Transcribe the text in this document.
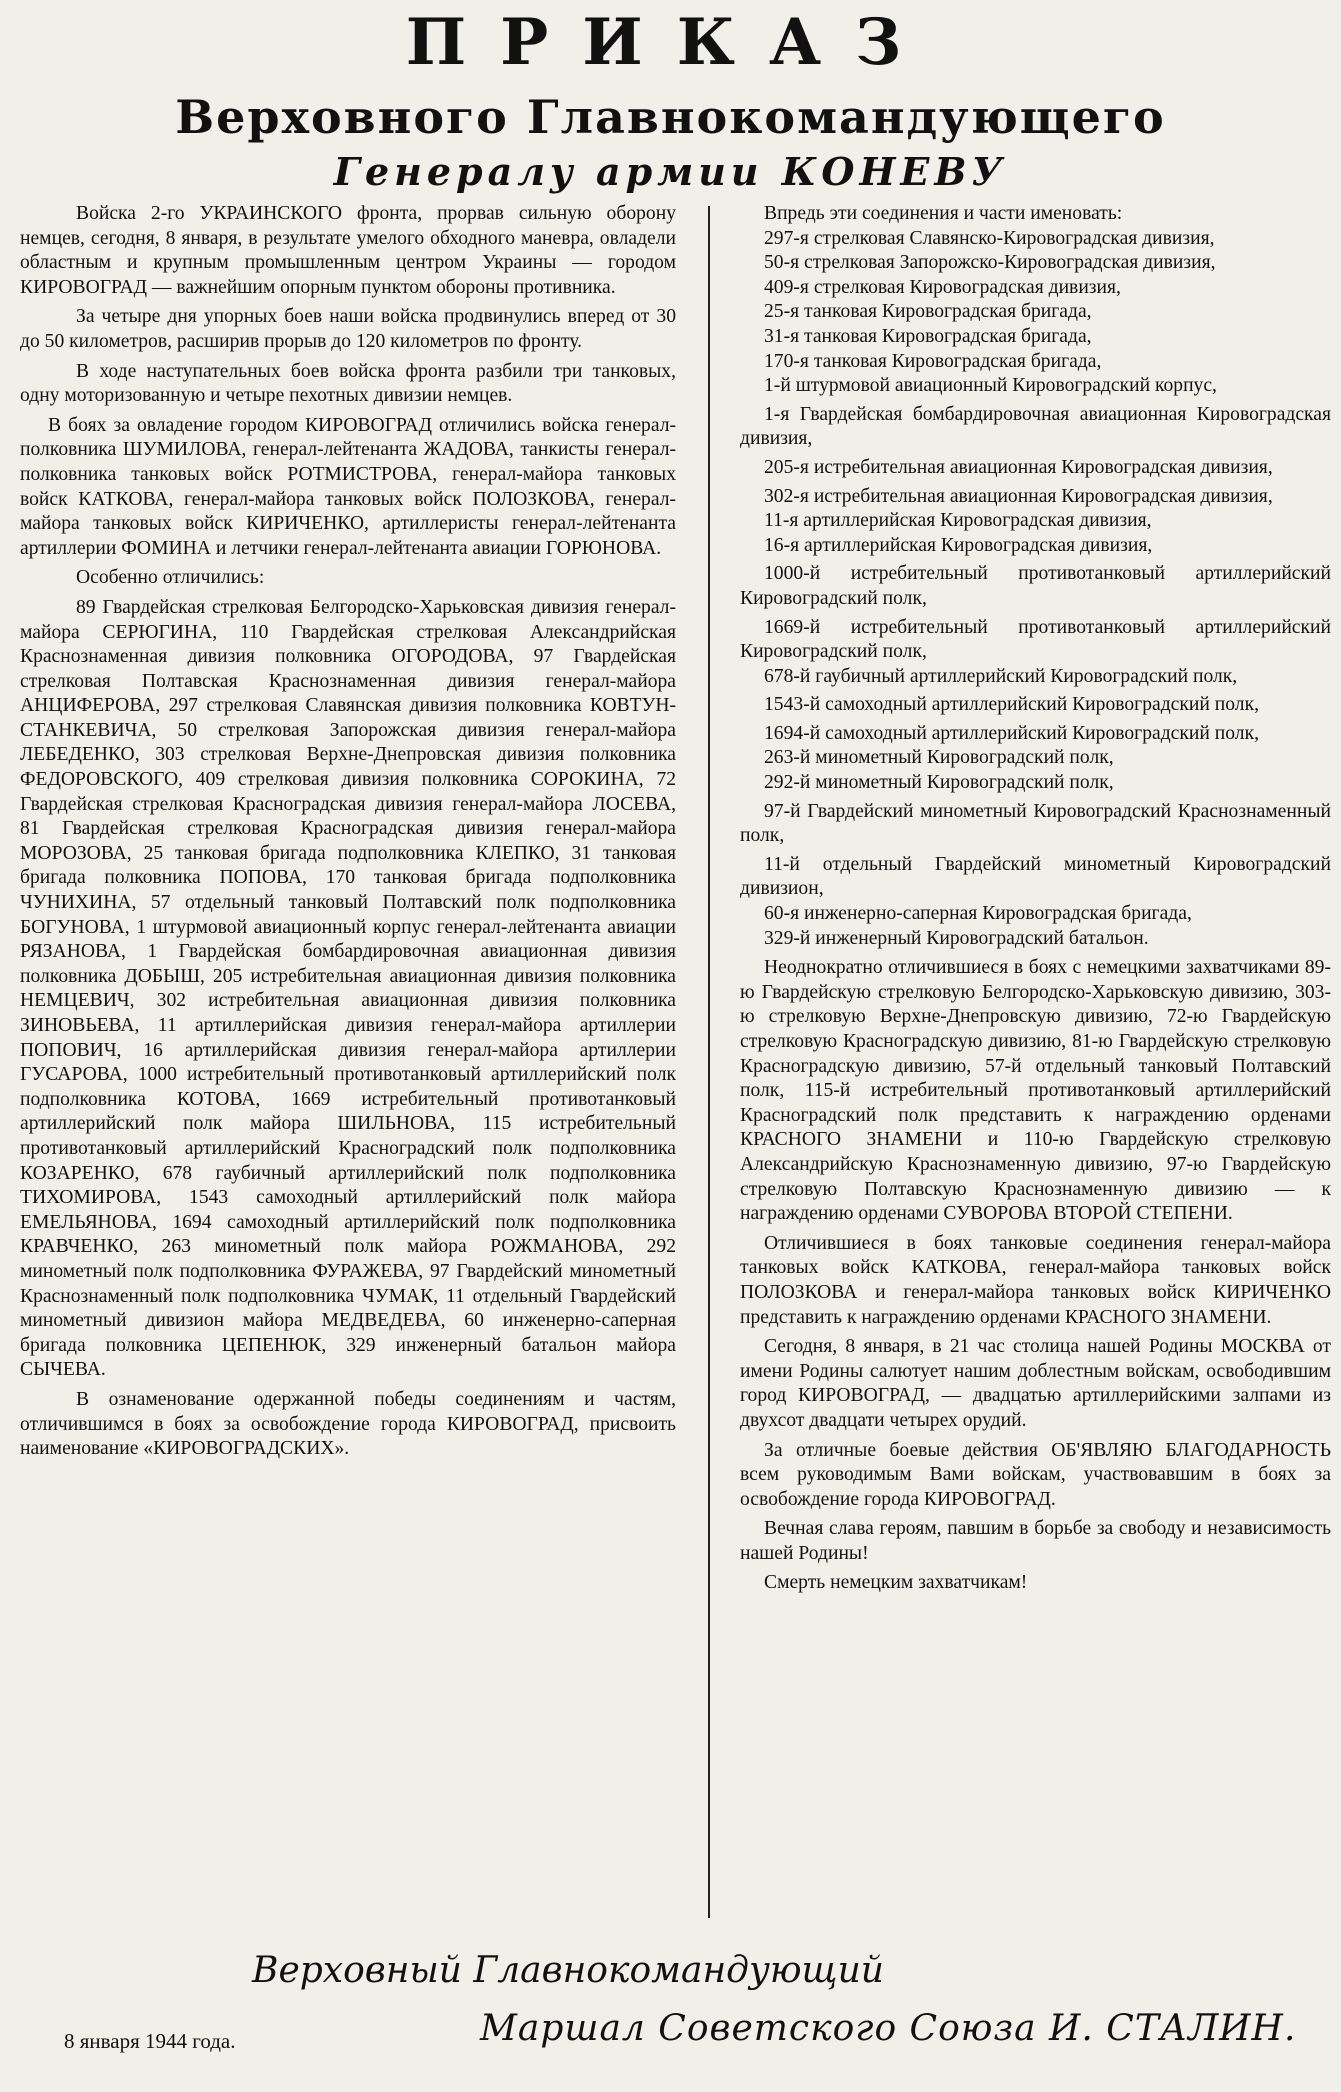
ПРИКАЗ
Верховного Главнокомандующего
Генералу армии КОНЕВУ

Войска 2-го УКРАИНСКОГО фронта, прорвав сильную оборону немцев, сегодня, 8 января, в результате умелого обходного маневра, овладели областным и крупным промышленным центром Украины — городом КИРОВОГРАД — важнейшим опорным пунктом обороны противника.

За четыре дня упорных боев наши войска продвинулись вперед от 30 до 50 километров, расширив прорыв до 120 километров по фронту.

В ходе наступательных боев войска фронта разбили три танковых, одну моторизованную и четыре пехотных дивизии немцев.

В боях за овладение городом КИРОВОГРАД отличились войска генерал-полковника ШУМИЛОВА, генерал-лейтенанта ЖАДОВА, танкисты генерал-полковника танковых войск РОТМИСТРОВА, генерал-майора танковых войск КАТКОВА, генерал-майора танковых войск ПОЛОЗКОВА, генерал-майора танковых войск КИРИЧЕНКО, артиллеристы генерал-лейтенанта артиллерии ФОМИНА и летчики генерал-лейтенанта авиации ГОРЮНОВА.

Особенно отличились:

89 Гвардейская стрелковая Белгородско-Харьковская дивизия генерал-майора СЕРЮГИНА, 110 Гвардейская стрелковая Александрийская Краснознаменная дивизия полковника ОГОРОДОВА, 97 Гвардейская стрелковая Полтавская Краснознаменная дивизия генерал-майора АНЦИФЕРОВА, 297 стрелковая Славянская дивизия полковника КОВТУН-СТАНКЕВИЧА, 50 стрелковая Запорожская дивизия генерал-майора ЛЕБЕДЕНКО, 303 стрелковая Верхне-Днепровская дивизия полковника ФЕДОРОВСКОГО, 409 стрелковая дивизия полковника СОРОКИНА, 72 Гвардейская стрелковая Красноградская дивизия генерал-майора ЛОСЕВА, 81 Гвардейская стрелковая Красноградская дивизия генерал-майора МОРОЗОВА, 25 танковая бригада подполковника КЛЕПКО, 31 танковая бригада полковника ПОПОВА, 170 танковая бригада подполковника ЧУНИХИНА, 57 отдельный танковый Полтавский полк подполковника БОГУНОВА, 1 штурмовой авиационный корпус генерал-лейтенанта авиации РЯЗАНОВА, 1 Гвардейская бомбардировочная авиационная дивизия полковника ДОБЫШ, 205 истребительная авиационная дивизия полковника НЕМЦЕВИЧ, 302 истребительная авиационная дивизия полковника ЗИНОВЬЕВА, 11 артиллерийская дивизия генерал-майора артиллерии ПОПОВИЧ, 16 артиллерийская дивизия генерал-майора артиллерии ГУСАРОВА, 1000 истребительный противотанковый артиллерийский полк подполковника КОТОВА, 1669 истребительный противотанковый артиллерийский полк майора ШИЛЬНОВА, 115 истребительный противотанковый артиллерийский Красноградский полк подполковника КОЗАРЕНКО, 678 гаубичный артиллерийский полк подполковника ТИХОМИРОВА, 1543 самоходный артиллерийский полк майора ЕМЕЛЬЯНОВА, 1694 самоходный артиллерийский полк подполковника КРАВЧЕНКО, 263 минометный полк майора РОЖМАНОВА, 292 минометный полк подполковника ФУРАЖЕВА, 97 Гвардейский минометный Краснознаменный полк подполковника ЧУМАК, 11 отдельный Гвардейский минометный дивизион майора МЕДВЕДЕВА, 60 инженерно-саперная бригада полковника ЦЕПЕНЮК, 329 инженерный батальон майора СЫЧЕВА.

В ознаменование одержанной победы соединениям и частям, отличившимся в боях за освобождение города КИРОВОГРАД, присвоить наименование «КИРОВОГРАДСКИХ».

Впредь эти соединения и части именовать:

297-я стрелковая Славянско-Кировоградская дивизия,

50-я стрелковая Запорожско-Кировоградская дивизия,

409-я стрелковая Кировоградская дивизия,

25-я танковая Кировоградская бригада,

31-я танковая Кировоградская бригада,

170-я танковая Кировоградская бригада,

1-й штурмовой авиационный Кировоградский корпус,

1-я Гвардейская бомбардировочная авиационная Кировоградская дивизия,

205-я истребительная авиационная Кировоградская дивизия,

302-я истребительная авиационная Кировоградская дивизия,

11-я артиллерийская Кировоградская дивизия,

16-я артиллерийская Кировоградская дивизия,

1000-й истребительный противотанковый артиллерийский Кировоградский полк,

1669-й истребительный противотанковый артиллерийский Кировоградский полк,

678-й гаубичный артиллерийский Кировоградский полк,

1543-й самоходный артиллерийский Кировоградский полк,

1694-й самоходный артиллерийский Кировоградский полк,

263-й минометный Кировоградский полк,

292-й минометный Кировоградский полк,

97-й Гвардейский минометный Кировоградский Краснознаменный полк,

11-й отдельный Гвардейский минометный Кировоградский дивизион,

60-я инженерно-саперная Кировоградская бригада,

329-й инженерный Кировоградский батальон.

Неоднократно отличившиеся в боях с немецкими захватчиками 89-ю Гвардейскую стрелковую Белгородско-Харьковскую дивизию, 303-ю стрелковую Верхне-Днепровскую дивизию, 72-ю Гвардейскую стрелковую Красноградскую дивизию, 81-ю Гвардейскую стрелковую Красноградскую дивизию, 57-й отдельный танковый Полтавский полк, 115-й истребительный противотанковый артиллерийский Красноградский полк представить к награждению орденами КРАСНОГО ЗНАМЕНИ и 110-ю Гвардейскую стрелковую Александрийскую Краснознаменную дивизию, 97-ю Гвардейскую стрелковую Полтавскую Краснознаменную дивизию — к награждению орденами СУВОРОВА ВТОРОЙ СТЕПЕНИ.

Отличившиеся в боях танковые соединения генерал-майора танковых войск КАТКОВА, генерал-майора танковых войск ПОЛОЗКОВА и генерал-майора танковых войск КИРИЧЕНКО представить к награждению орденами КРАСНОГО ЗНАМЕНИ.

Сегодня, 8 января, в 21 час столица нашей Родины МОСКВА от имени Родины салютует нашим доблестным войскам, освободившим город КИРОВОГРАД, — двадцатью артиллерийскими залпами из двухсот двадцати четырех орудий.

За отличные боевые действия ОБ'ЯВЛЯЮ БЛАГОДАРНОСТЬ всем руководимым Вами войскам, участвовавшим в боях за освобождение города КИРОВОГРАД.

Вечная слава героям, павшим в борьбе за свободу и независимость нашей Родины!

Смерть немецким захватчикам!

Верховный Главнокомандующий
8 января 1944 года.	Маршал Советского Союза И. СТАЛИН.
